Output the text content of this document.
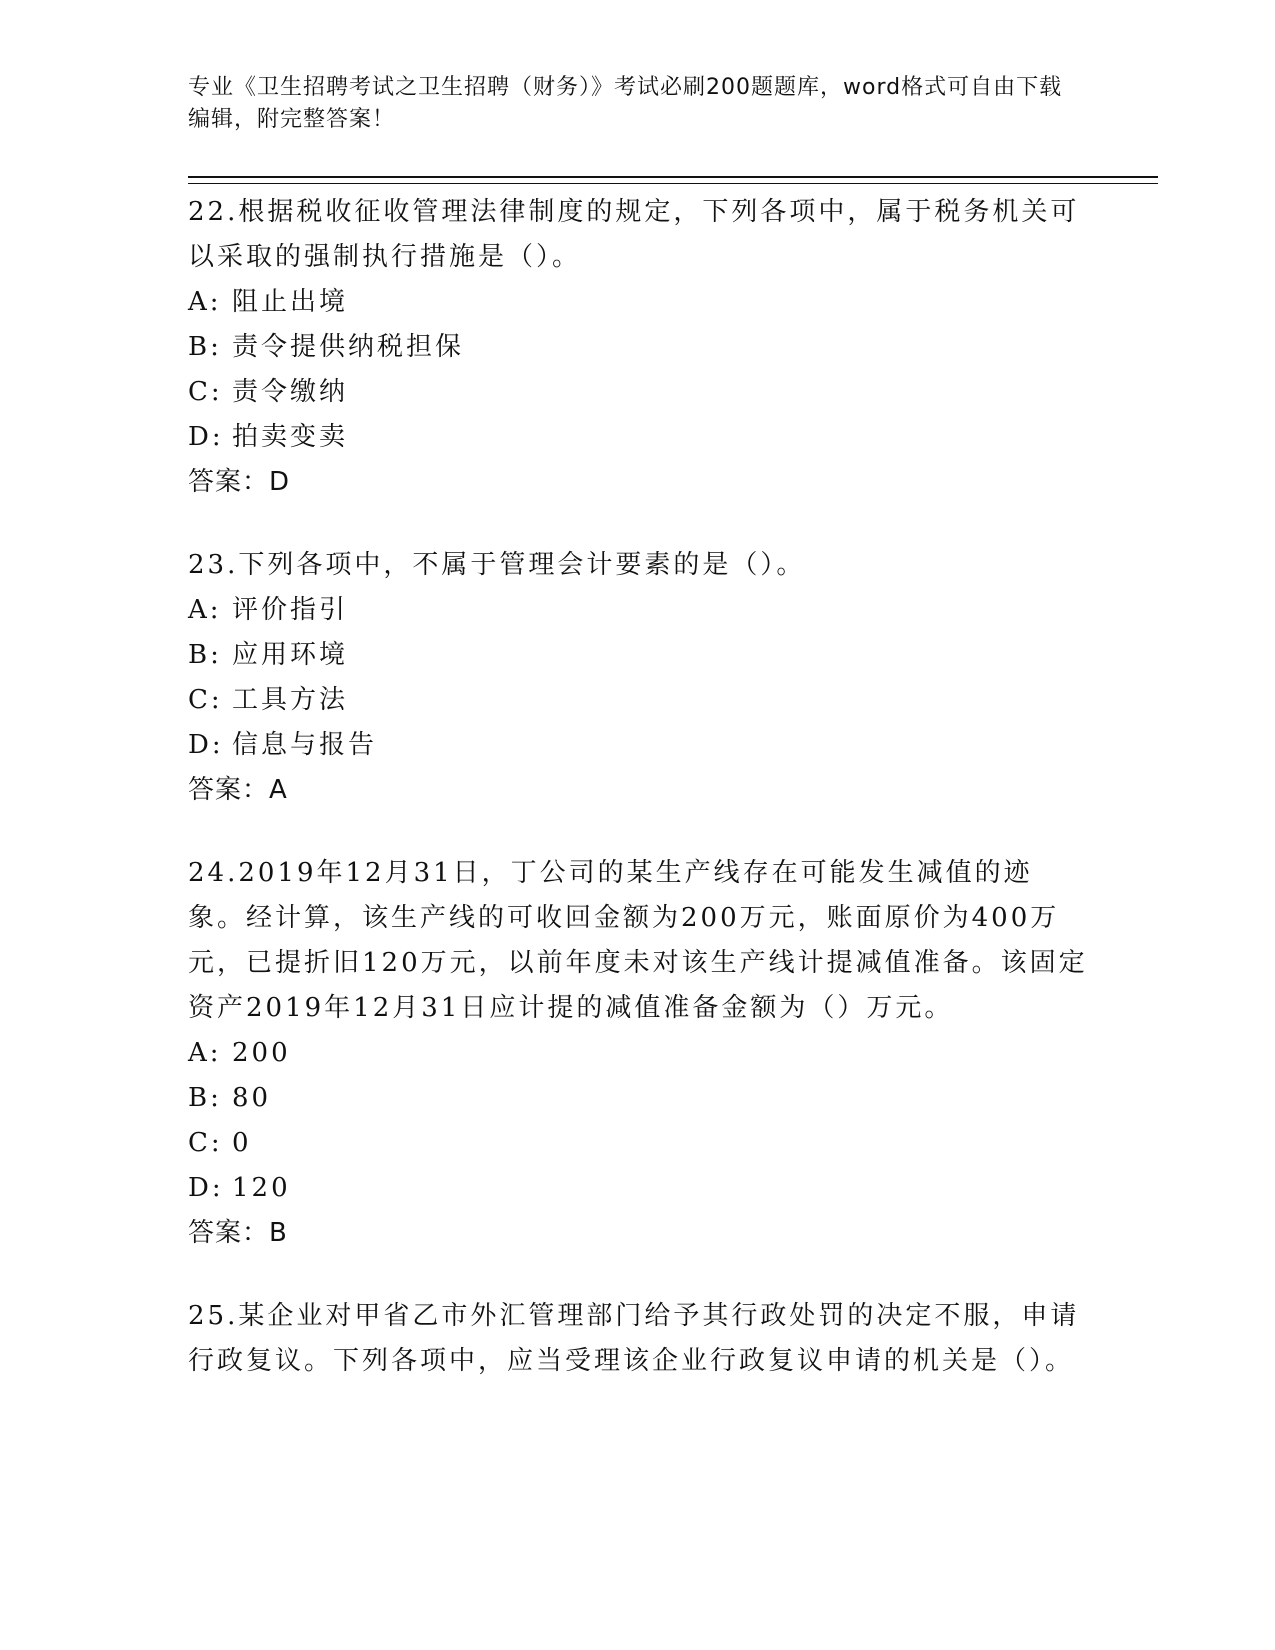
专业《卫生招聘考试之卫生招聘（财务）》考试必刷200题题库，word格式可自由下载编辑，附完整答案！

22.根据税收征收管理法律制度的规定，下列各项中，属于税务机关可以采取的强制执行措施是（）。

A: 阻止出境

B: 责令提供纳税担保

C: 责令缴纳

D: 拍卖变卖

答案：D

23.下列各项中，不属于管理会计要素的是（）。

A: 评价指引

B: 应用环境

C: 工具方法

D: 信息与报告

答案：A

24.2019年12月31日，丁公司的某生产线存在可能发生减值的迹象。经计算，该生产线的可收回金额为200万元，账面原价为400万元，已提折旧120万元，以前年度未对该生产线计提减值准备。该固定资产2019年12月31日应计提的减值准备金额为（）万元。

A: 200

B: 80

C: 0

D: 120

答案：B

25.某企业对甲省乙市外汇管理部门给予其行政处罚的决定不服，申请行政复议。下列各项中，应当受理该企业行政复议申请的机关是（）。
